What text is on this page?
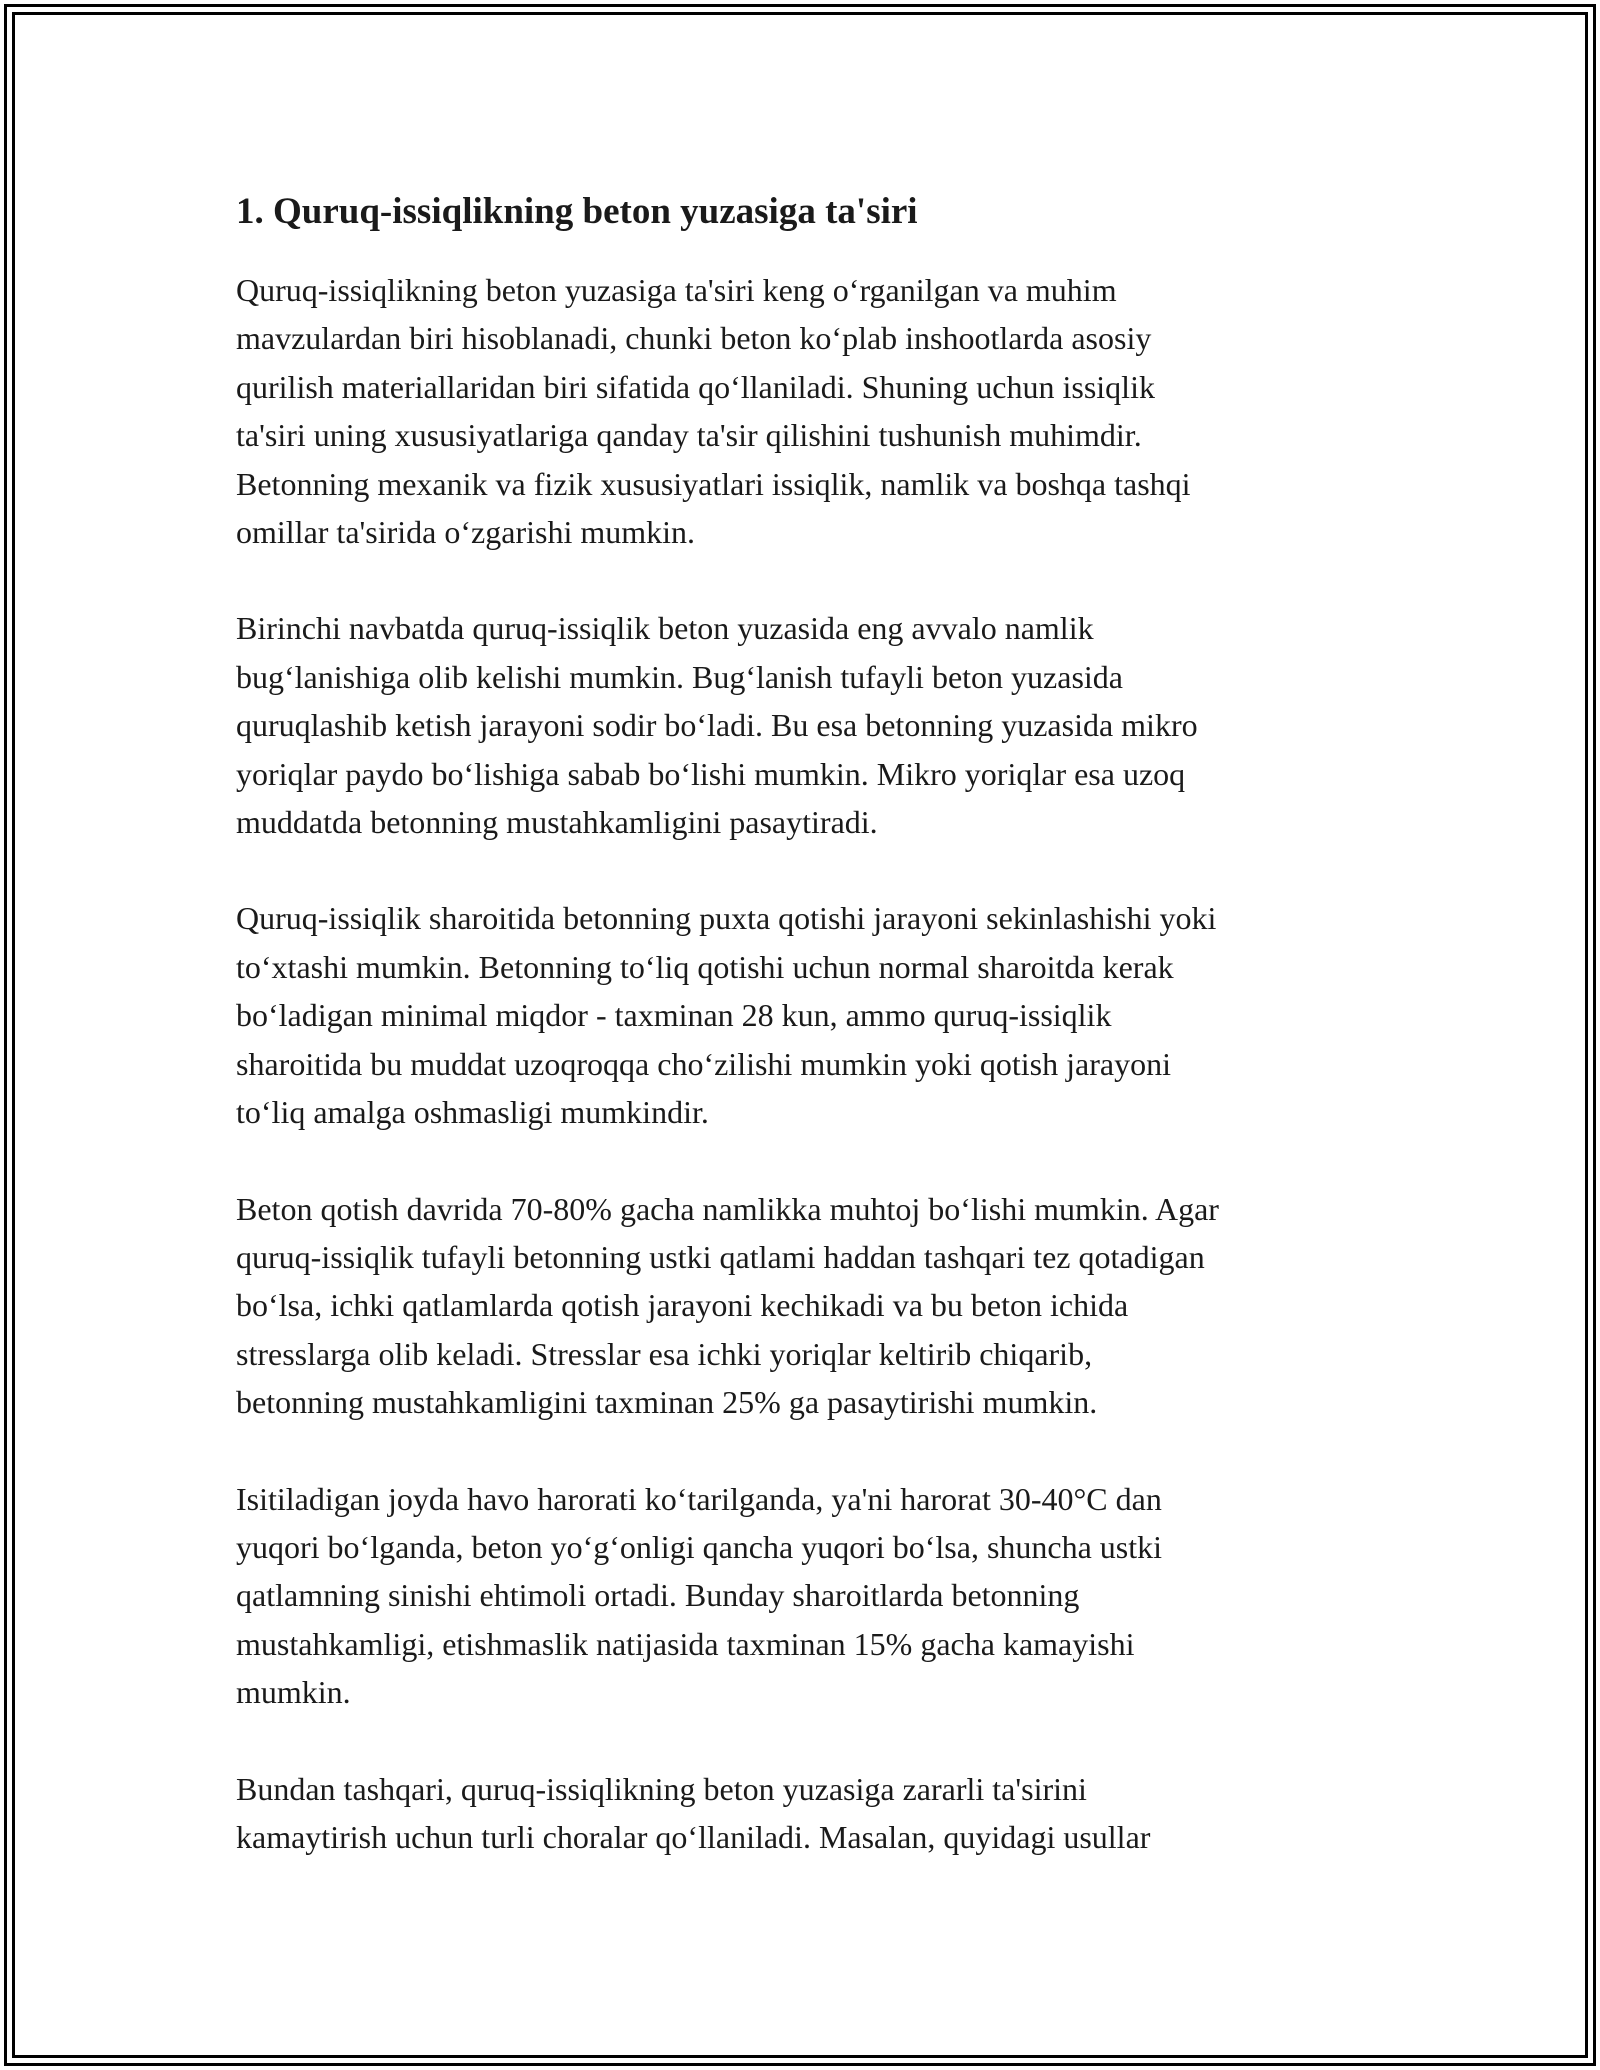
1. Quruq-issiqlikning beton yuzasiga ta'siri

Quruq-issiqlikning beton yuzasiga ta'siri keng o‘rganilgan va muhim
mavzulardan biri hisoblanadi, chunki beton ko‘plab inshootlarda asosiy
qurilish materiallaridan biri sifatida qo‘llaniladi. Shuning uchun issiqlik
ta'siri uning xususiyatlariga qanday ta'sir qilishini tushunish muhimdir.
Betonning mexanik va fizik xususiyatlari issiqlik, namlik va boshqa tashqi
omillar ta'sirida o‘zgarishi mumkin.

Birinchi navbatda quruq-issiqlik beton yuzasida eng avvalo namlik
bug‘lanishiga olib kelishi mumkin. Bug‘lanish tufayli beton yuzasida
quruqlashib ketish jarayoni sodir bo‘ladi. Bu esa betonning yuzasida mikro
yoriqlar paydo bo‘lishiga sabab bo‘lishi mumkin. Mikro yoriqlar esa uzoq
muddatda betonning mustahkamligini pasaytiradi.

Quruq-issiqlik sharoitida betonning puxta qotishi jarayoni sekinlashishi yoki
to‘xtashi mumkin. Betonning to‘liq qotishi uchun normal sharoitda kerak
bo‘ladigan minimal miqdor - taxminan 28 kun, ammo quruq-issiqlik
sharoitida bu muddat uzoqroqqa cho‘zilishi mumkin yoki qotish jarayoni
to‘liq amalga oshmasligi mumkindir.

Beton qotish davrida 70-80% gacha namlikka muhtoj bo‘lishi mumkin. Agar
quruq-issiqlik tufayli betonning ustki qatlami haddan tashqari tez qotadigan
bo‘lsa, ichki qatlamlarda qotish jarayoni kechikadi va bu beton ichida
stresslarga olib keladi. Stresslar esa ichki yoriqlar keltirib chiqarib,
betonning mustahkamligini taxminan 25% ga pasaytirishi mumkin.

Isitiladigan joyda havo harorati ko‘tarilganda, ya'ni harorat 30-40°C dan
yuqori bo‘lganda, beton yo‘g‘onligi qancha yuqori bo‘lsa, shuncha ustki
qatlamning sinishi ehtimoli ortadi. Bunday sharoitlarda betonning
mustahkamligi, etishmaslik natijasida taxminan 15% gacha kamayishi
mumkin.

Bundan tashqari, quruq-issiqlikning beton yuzasiga zararli ta'sirini
kamaytirish uchun turli choralar qo‘llaniladi. Masalan, quyidagi usullar
